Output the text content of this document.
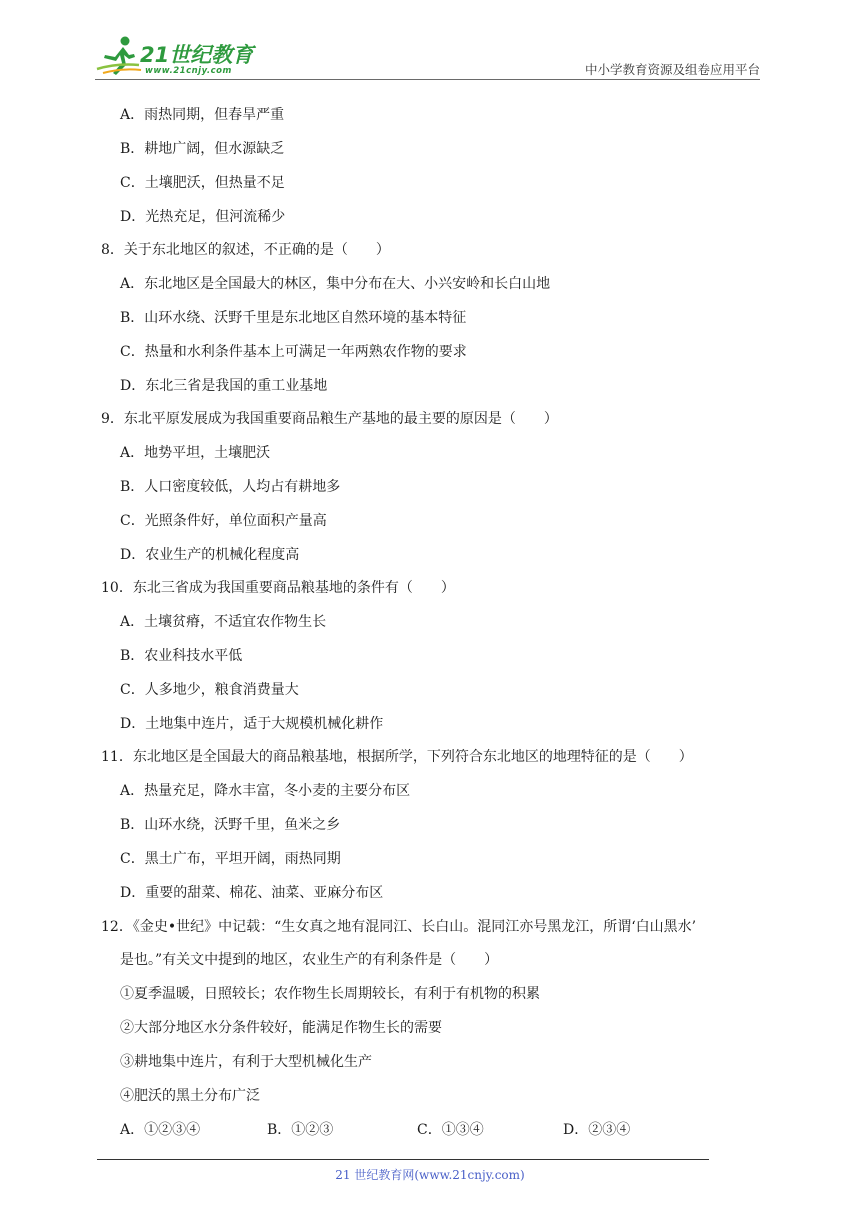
21世纪教育
www.21cnjy.com	中小学教育资源及组卷应用平台
A．雨热同期，但春旱严重
B．耕地广阔，但水源缺乏
C．土壤肥沃，但热量不足
D．光热充足，但河流稀少
8．关于东北地区的叙述，不正确的是（　　）
A．东北地区是全国最大的林区，集中分布在大、小兴安岭和长白山地
B．山环水绕、沃野千里是东北地区自然环境的基本特征
C．热量和水利条件基本上可满足一年两熟农作物的要求
D．东北三省是我国的重工业基地
9．东北平原发展成为我国重要商品粮生产基地的最主要的原因是（　　）
A．地势平坦，土壤肥沃
B．人口密度较低，人均占有耕地多
C．光照条件好，单位面积产量高
D．农业生产的机械化程度高
10．东北三省成为我国重要商品粮基地的条件有（　　）
A．土壤贫瘠，不适宜农作物生长
B．农业科技水平低
C．人多地少，粮食消费量大
D．土地集中连片，适于大规模机械化耕作
11．东北地区是全国最大的商品粮基地，根据所学，下列符合东北地区的地理特征的是（　　）
A．热量充足，降水丰富，冬小麦的主要分布区
B．山环水绕，沃野千里，鱼米之乡
C．黑土广布，平坦开阔，雨热同期
D．重要的甜菜、棉花、油菜、亚麻分布区
12．《金史•世纪》中记载：“生女真之地有混同江、长白山。混同江亦号黑龙江，所谓‘白山黑水’
是也。”有关文中提到的地区，农业生产的有利条件是（　　）
①夏季温暖，日照较长；农作物生长周期较长，有利于有机物的积累
②大部分地区水分条件较好，能满足作物生长的需要
③耕地集中连片，有利于大型机械化生产
④肥沃的黑土分布广泛
A．①②③④	B．①②③	C．①③④	D．②③④
21 世纪教育网(www.21cnjy.com)
